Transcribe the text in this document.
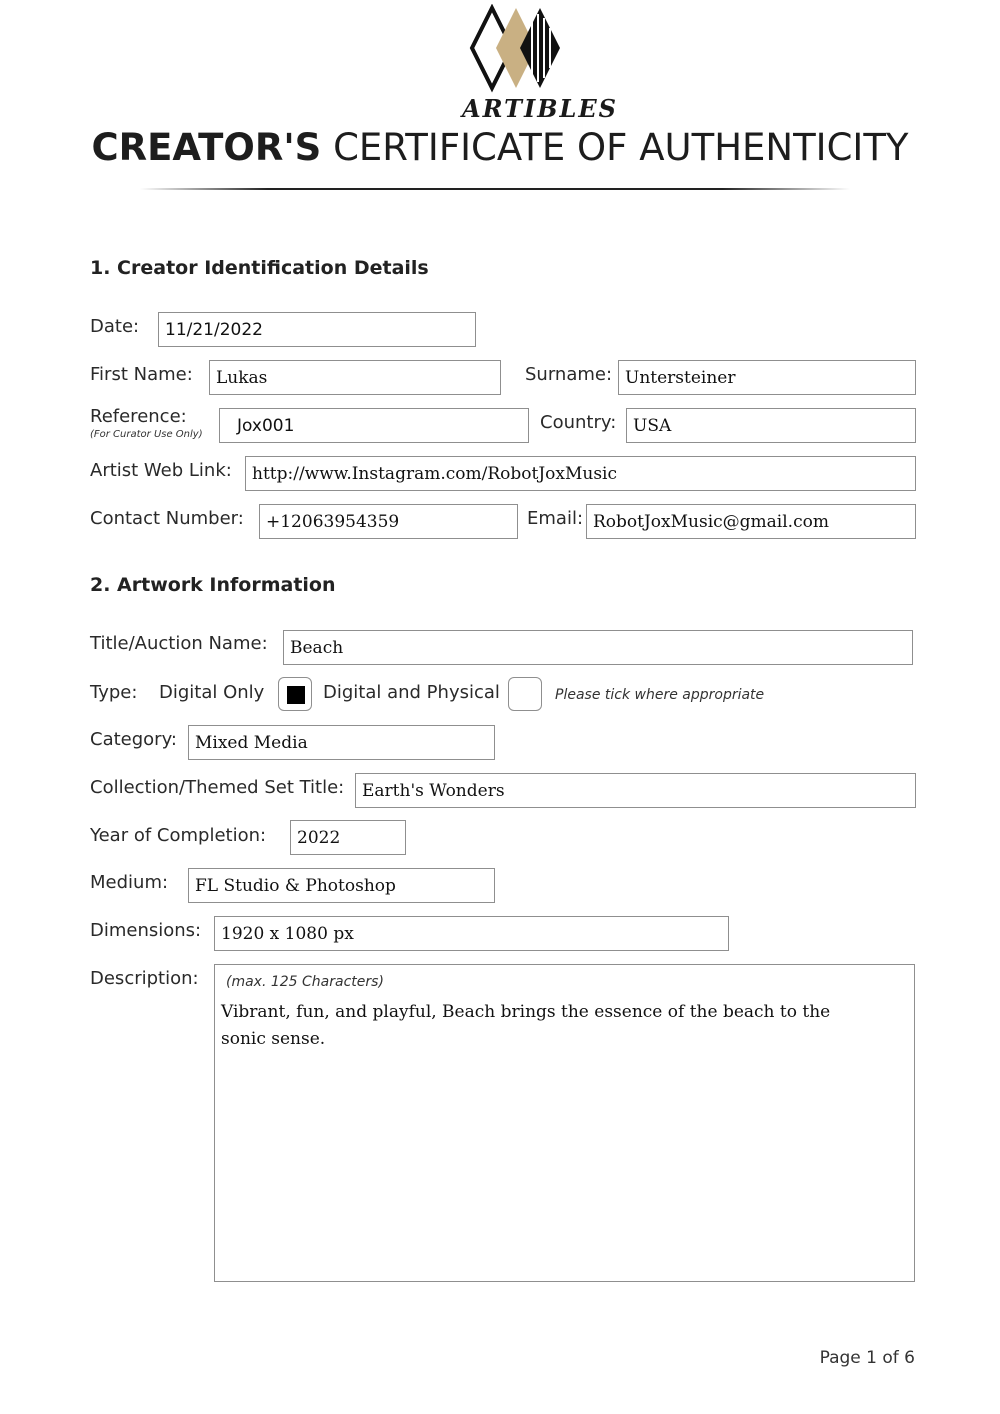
ARTIBLES
CREATOR'S CERTIFICATE OF AUTHENTICITY
1. Creator Identification Details
Date:	11/21/2022
First Name:	Lukas	Surname: Untersteiner
Reference:
(For Curator Use Only)	Jox001	Country: USA
Artist Web Link:	http://www.Instagram.com/RobotJoxMusic
Contact Number:	+12063954359	Email: RobotJoxMusic@gmail.com
2. Artwork Information
Title/Auction Name:	Beach
Type: Digital Only	Digital and Physical	Please tick where appropriate
Category:	Mixed Media
Collection/Themed Set Title:	Earth's Wonders
Year of Completion:	2022
Medium:	FL Studio & Photoshop
Dimensions:	1920 x 1080 px
Description: (max. 125 Characters)
Vibrant, fun, and playful, Beach brings the essence of the beach to the sonic sense.
Page 1 of 6
